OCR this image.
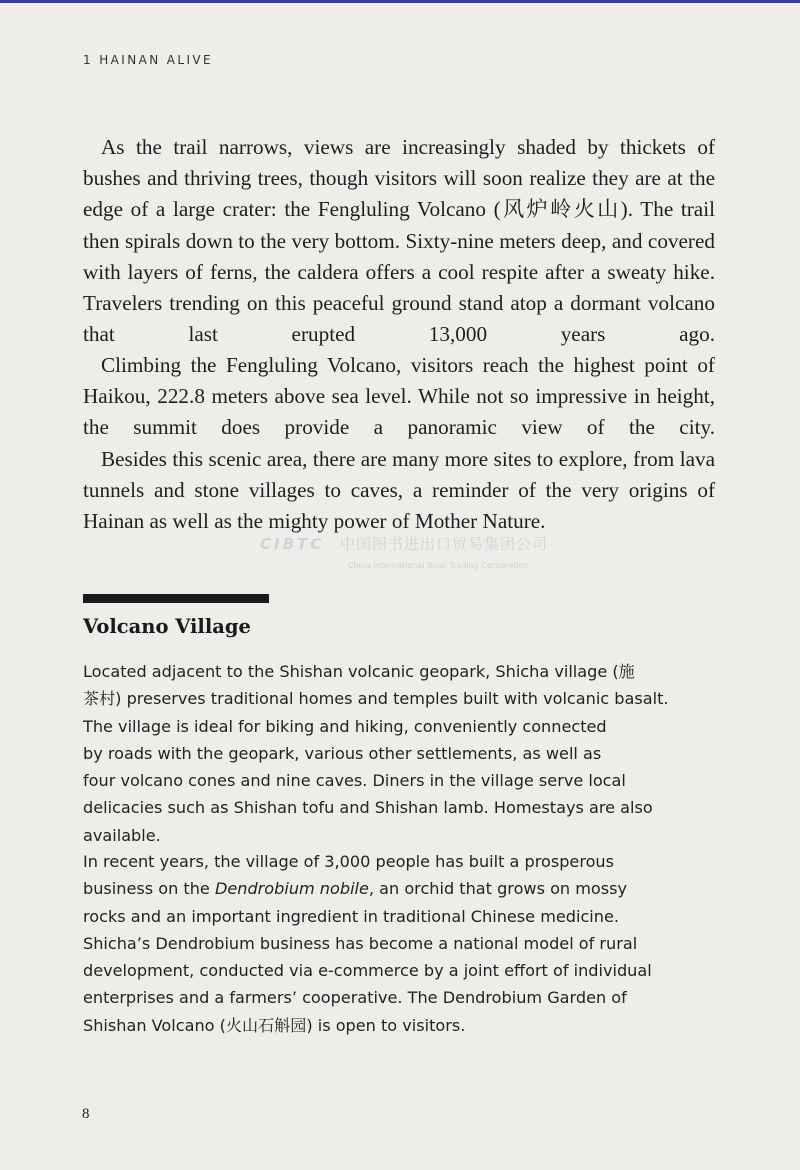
1 HAINAN ALIVE

As the trail narrows, views are increasingly shaded by thickets of bushes and thriving trees, though visitors will soon realize they are at the edge of a large crater: the Fengluling Volcano (风炉岭火山). The trail then spirals down to the very bottom. Sixty-nine meters deep, and covered with layers of ferns, the caldera offers a cool respite after a sweaty hike. Travelers trending on this peaceful ground stand atop a dormant volcano that last erupted 13,000 years ago.

Climbing the Fengluling Volcano, visitors reach the highest point of Haikou, 222.8 meters above sea level. While not so impressive in height, the summit does provide a panoramic view of the city.

Besides this scenic area, there are many more sites to explore, from lava tunnels and stone villages to caves, a reminder of the very origins of Hainan as well as the mighty power of Mother Nature.

CIBTC 中国图书进出口贸易集团公司
China International Book Trading Corporation
Volcano Village

Located adjacent to the Shishan volcanic geopark, Shicha village (施
茶村) preserves traditional homes and temples built with volcanic basalt.
The village is ideal for biking and hiking, conveniently connected
by roads with the geopark, various other settlements, as well as
four volcano cones and nine caves. Diners in the village serve local
delicacies such as Shishan tofu and Shishan lamb. Homestays are also
available.

In recent years, the village of 3,000 people has built a prosperous
business on the Dendrobium nobile, an orchid that grows on mossy
rocks and an important ingredient in traditional Chinese medicine.
Shicha’s Dendrobium business has become a national model of rural
development, conducted via e-commerce by a joint effort of individual
enterprises and a farmers’ cooperative. The Dendrobium Garden of
Shishan Volcano (火山石斛园) is open to visitors.

8
